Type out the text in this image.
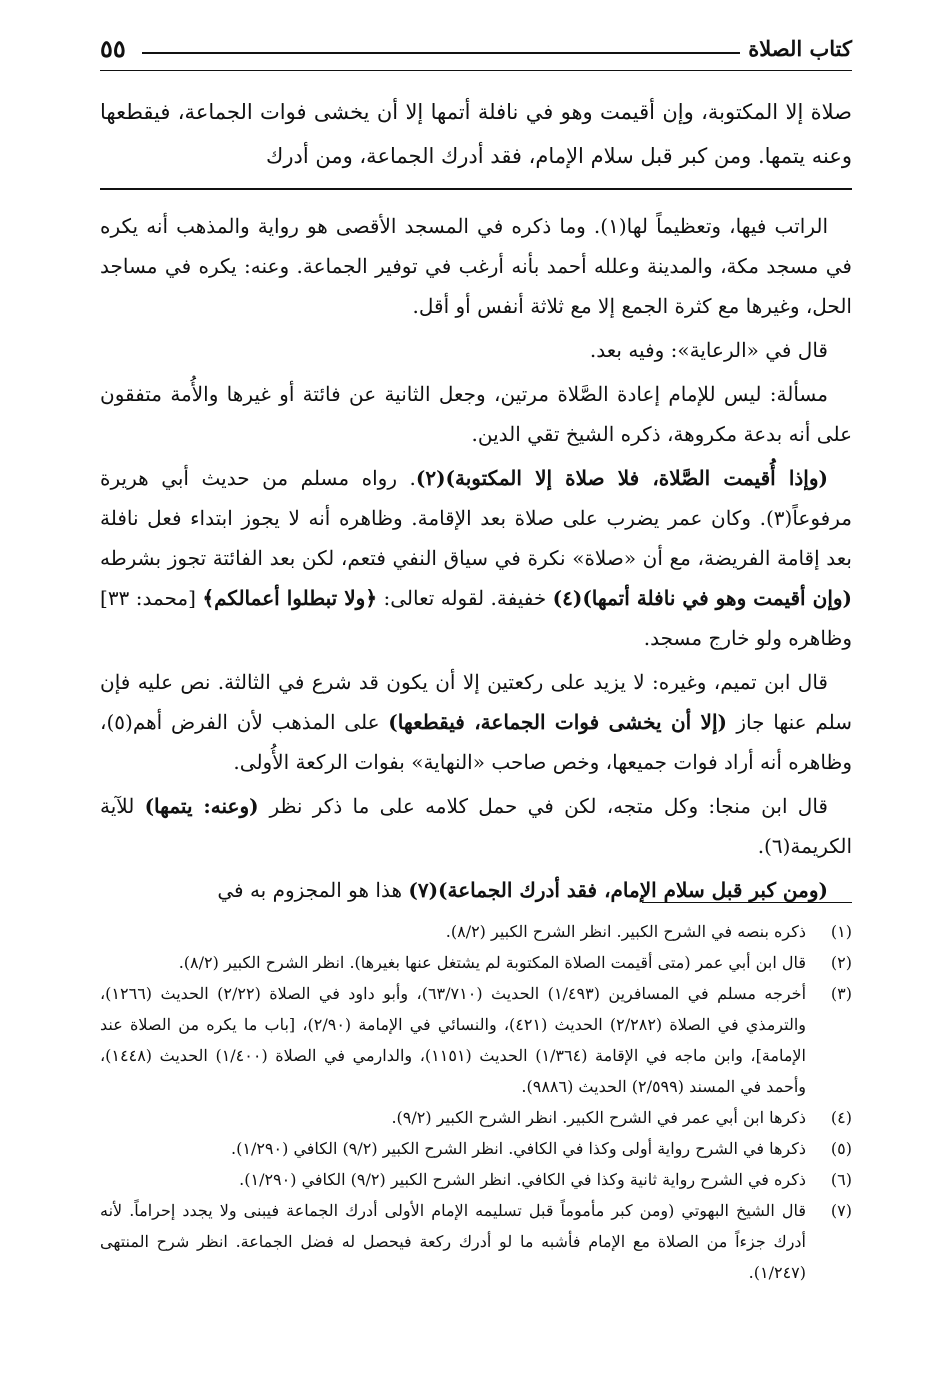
كتاب الصلاة
٥٥
صلاة إلا المكتوبة، وإن أقيمت وهو في نافلة أتمها إلا أن يخشى فوات الجماعة، فيقطعها وعنه يتمها. ومن كبر قبل سلام الإمام، فقد أدرك الجماعة، ومن أدرك

الراتب فيها، وتعظيماً لها(١). وما ذكره في المسجد الأقصى هو رواية والمذهب أنه يكره في مسجد مكة، والمدينة وعلله أحمد بأنه أرغب في توفير الجماعة. وعنه: يكره في مساجد الحل، وغيرها مع كثرة الجمع إلا مع ثلاثة أنفس أو أقل.

قال في «الرعاية»: وفيه بعد.

مسألة: ليس للإمام إعادة الصَّلاة مرتين، وجعل الثانية عن فائتة أو غيرها والأُمة متفقون على أنه بدعة مكروهة، ذكره الشيخ تقي الدين.

(وإذا أُقيمت الصَّلاة، فلا صلاة إلا المكتوبة)(٢). رواه مسلم من حديث أبي هريرة مرفوعاً(٣). وكان عمر يضرب على صلاة بعد الإقامة. وظاهره أنه لا يجوز ابتداء فعل نافلة بعد إقامة الفريضة، مع أن «صلاة» نكرة في سياق النفي فتعم، لكن بعد الفائتة تجوز بشرطه (وإن أقيمت وهو في نافلة أتمها)(٤) خفيفة. لقوله تعالى: ﴿ولا تبطلوا أعمالكم﴾ [محمد: ٣٣] وظاهره ولو خارج مسجد.

قال ابن تميم، وغيره: لا يزيد على ركعتين إلا أن يكون قد شرع في الثالثة. نص عليه فإن سلم عنها جاز (إلا أن يخشى فوات الجماعة، فيقطعها) على المذهب لأن الفرض أهم(٥)، وظاهره أنه أراد فوات جميعها، وخص صاحب «النهاية» بفوات الركعة الأُولى.

قال ابن منجا: وكل متجه، لكن في حمل كلامه على ما ذكر نظر (وعنه: يتمها) للآية الكريمة(٦).

(ومن كبر قبل سلام الإمام، فقد أدرك الجماعة)(٧) هذا هو المجزوم به في

(١)
ذكره بنصه في الشرح الكبير. انظر الشرح الكبير (٨/٢).
(٢)
قال ابن أبي عمر (متى أقيمت الصلاة المكتوبة لم يشتغل عنها بغيرها). انظر الشرح الكبير (٨/٢).
(٣)
أخرجه مسلم في المسافرين (١/٤٩٣) الحديث (٦٣/٧١٠)، وأبو داود في الصلاة (٢/٢٢) الحديث (١٢٦٦)، والترمذي في الصلاة (٢/٢٨٢) الحديث (٤٢١)، والنسائي في الإمامة (٢/٩٠)، [باب ما يكره من الصلاة عند الإمامة]، وابن ماجه في الإقامة (١/٣٦٤) الحديث (١١٥١)، والدارمي في الصلاة (١/٤٠٠) الحديث (١٤٤٨)، وأحمد في المسند (٢/٥٩٩) الحديث (٩٨٨٦).
(٤)
ذكرها ابن أبي عمر في الشرح الكبير. انظر الشرح الكبير (٩/٢).
(٥)
ذكرها في الشرح رواية أولى وكذا في الكافي. انظر الشرح الكبير (٩/٢) الكافي (١/٢٩٠).
(٦)
ذكره في الشرح رواية ثانية وكذا في الكافي. انظر الشرح الكبير (٩/٢) الكافي (١/٢٩٠).
(٧)
قال الشيخ البهوتي (ومن كبر مأموماً قبل تسليمه الإمام الأولى أدرك الجماعة فيبنى ولا يجدد إحراماً. لأنه أدرك جزءاً من الصلاة مع الإمام فأشبه ما لو أدرك ركعة فيحصل له فضل الجماعة. انظر شرح المنتهى (١/٢٤٧).
